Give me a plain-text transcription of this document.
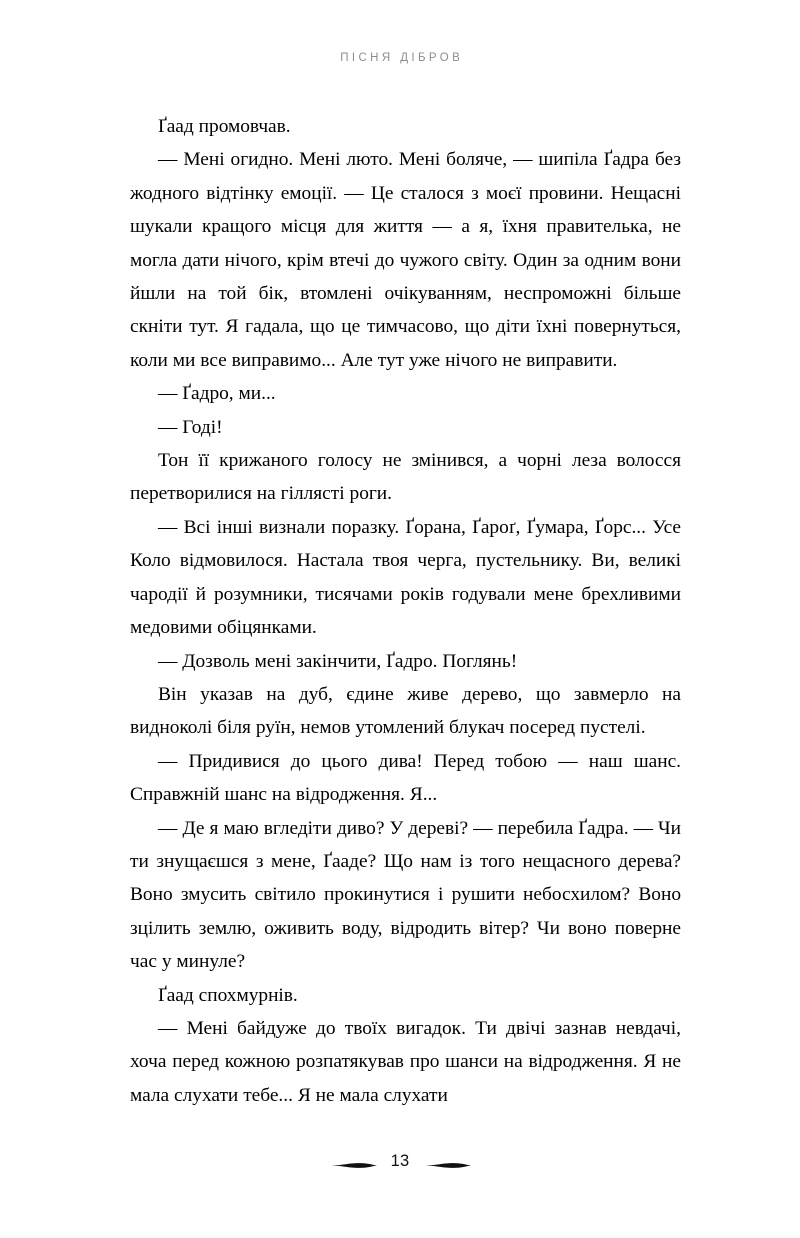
ПІСНЯ ДІБРОВ

Ґаад промовчав.

— Мені огидно. Мені люто. Мені боляче, — шипіла Ґадра без жодного відтінку емоції. — Це сталося з моєї провини. Нещасні шукали кращого місця для життя — а я, їхня правителька, не могла дати нічого, крім втечі до чужого світу. Один за одним вони йшли на той бік, втомлені очікуванням, неспроможні більше скніти тут. Я гадала, що це тимчасово, що діти їхні повернуться, коли ми все виправимо... Але тут уже нічого не виправити.

— Ґадро, ми...

— Годі!

Тон її крижаного голосу не змінився, а чорні леза волосся перетворилися на гіллясті роги.

— Всі інші визнали поразку. Ґорана, Ґароґ, Ґумара, Ґорс... Усе Коло відмовилося. Настала твоя черга, пустельнику. Ви, великі чародії й розумники, тисячами років годували мене брехливими медовими обіцянками.

— Дозволь мені закінчити, Ґадро. Поглянь!

Він указав на дуб, єдине живе дерево, що завмерло на видноколі біля руїн, немов утомлений блукач посеред пустелі.

— Придивися до цього дива! Перед тобою — наш шанс. Справжній шанс на відродження. Я...

— Де я маю вгледіти диво? У дереві? — перебила Ґадра. — Чи ти знущаєшся з мене, Ґааде? Що нам із того нещасного дерева? Воно змусить світило прокинутися і рушити небосхилом? Воно зцілить землю, оживить воду, відродить вітер? Чи воно поверне час у минуле?

Ґаад спохмурнів.

— Мені байдуже до твоїх вигадок. Ти двічі зазнав невдачі, хоча перед кожною розпатякував про шанси на відродження. Я не мала слухати тебе... Я не мала слухати

13
